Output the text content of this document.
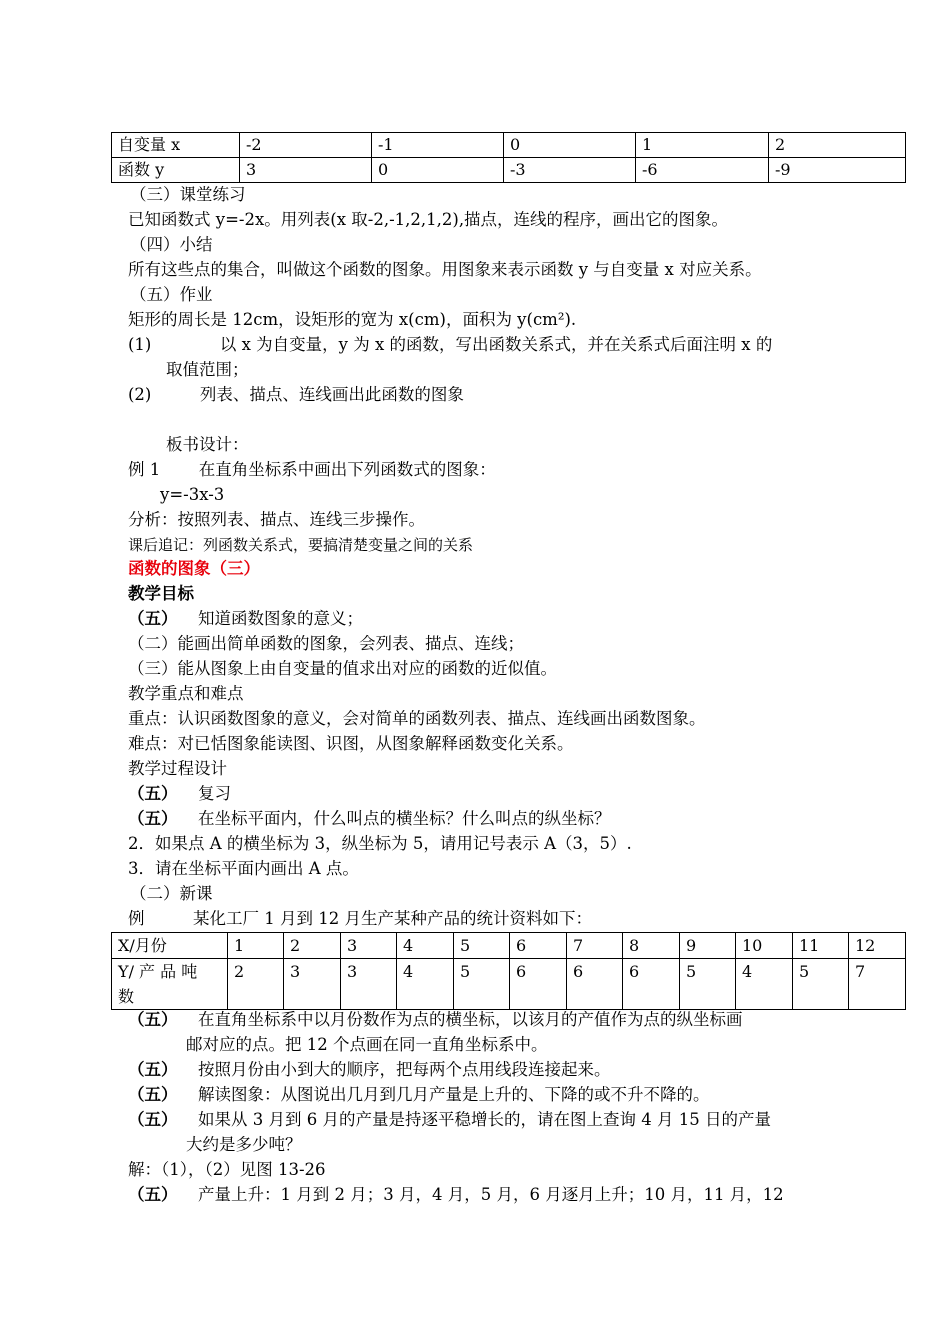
自变量 x	-2	-1	0	1	2
函数 y	3	0	-3	-6	-9
（三）课堂练习
已知函数式 y=-2x。用列表(x 取-2,-1,2,1,2),描点，连线的程序，画出它的图象。
（四）小结
所有这些点的集合，叫做这个函数的图象。用图象来表示函数 y 与自变量 x 对应关系。
（五）作业
矩形的周长是 12cm，设矩形的宽为 x(cm)，面积为 y(cm²).
(1)	以 x 为自变量，y 为 x 的函数，写出函数关系式，并在关系式后面注明 x 的
取值范围；
(2)	列表、描点、连线画出此函数的图象
板书设计：
例 1 在直角坐标系中画出下列函数式的图象：
y=-3x-3
分析：按照列表、描点、连线三步操作。
课后追记：列函数关系式，要搞清楚变量之间的关系
函数的图象（三）
教学目标
（五） 知道函数图象的意义；
（二）能画出简单函数的图象，会列表、描点、连线；
（三）能从图象上由自变量的值求出对应的函数的近似值。
教学重点和难点
重点：认识函数图象的意义，会对简单的函数列表、描点、连线画出函数图象。
难点：对已恬图象能读图、识图，从图象解释函数变化关系。
教学过程设计
（五） 复习
（五） 在坐标平面内，什么叫点的横坐标？什么叫点的纵坐标？
2．如果点 A 的横坐标为 3，纵坐标为 5，请用记号表示 A（3，5）.
3．请在坐标平面内画出 A 点。
（二）新课
例	某化工厂 1 月到 12 月生产某种产品的统计资料如下：
X/月份	1	2	3	4	5	6	7	8	9	10	11	12

Y/ 产 品 吨
数	2	3	3	4	5	6	6	6	5	4	5	7
（五） 在直角坐标系中以月份数作为点的横坐标，以该月的产值作为点的纵坐标画
邮对应的点。把 12 个点画在同一直角坐标系中。
（五） 按照月份由小到大的顺序，把每两个点用线段连接起来。
（五） 解读图象：从图说出几月到几月产量是上升的、下降的或不升不降的。
（五） 如果从 3 月到 6 月的产量是持逐平稳增长的，请在图上查询 4 月 15 日的产量
大约是多少吨？
解：（1），（2）见图 13-26
（五） 产量上升：1 月到 2 月；3 月，4 月，5 月，6 月逐月上升；10 月，11 月，12
